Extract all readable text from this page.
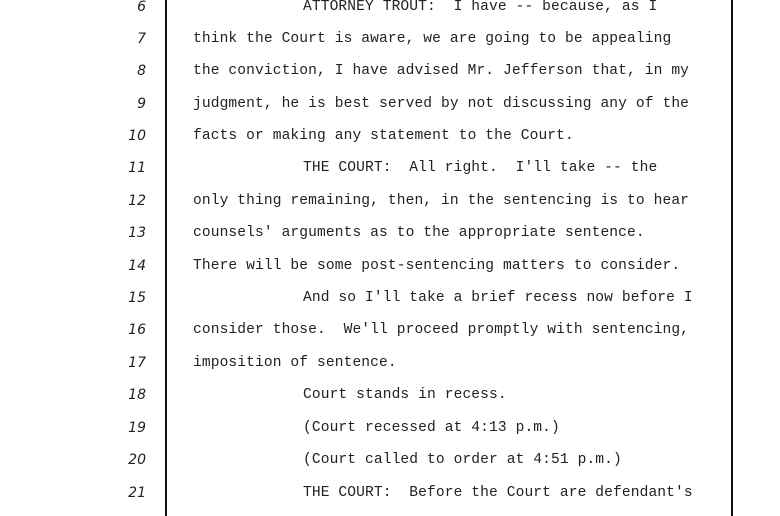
6	ATTORNEY TROUT:  I have -- because, as I
7	think the Court is aware, we are going to be appealing
8	the conviction, I have advised Mr. Jefferson that, in my
9	judgment, he is best served by not discussing any of the
10	facts or making any statement to the Court.
11	THE COURT:  All right.  I'll take -- the
12	only thing remaining, then, in the sentencing is to hear
13	counsels' arguments as to the appropriate sentence.
14	There will be some post-sentencing matters to consider.
15	And so I'll take a brief recess now before I
16	consider those.  We'll proceed promptly with sentencing,
17	imposition of sentence.
18	Court stands in recess.
19	(Court recessed at 4:13 p.m.)
20	(Court called to order at 4:51 p.m.)
21	THE COURT:  Before the Court are defendant's
